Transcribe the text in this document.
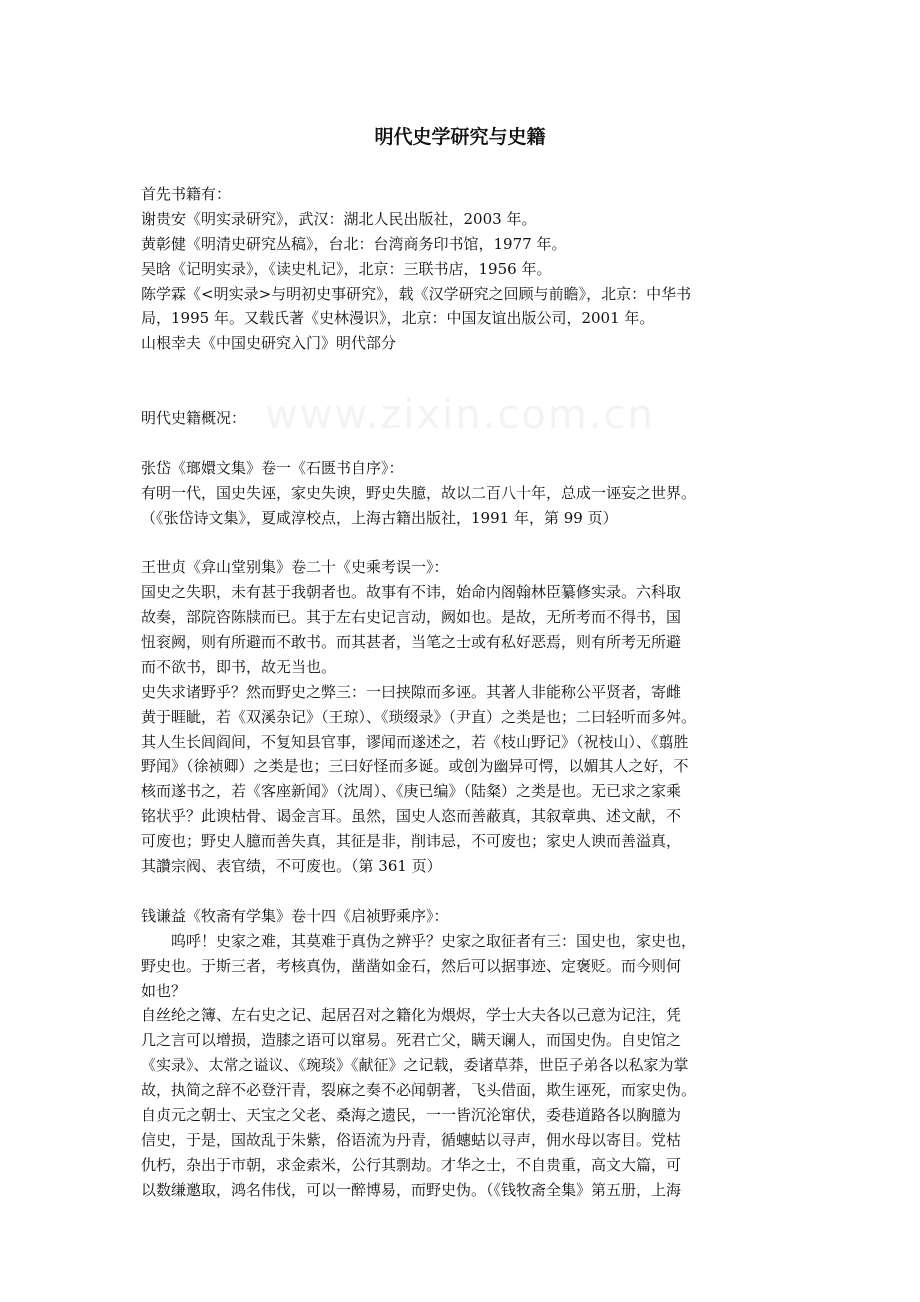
明代史学研究与史籍
首先书籍有：
谢贵安《明实录研究》，武汉：湖北人民出版社，2003 年。
黄彰健《明清史研究丛稿》，台北：台湾商务印书馆，1977 年。
吴晗《记明实录》，《读史札记》，北京：三联书店，1956 年。
陈学霖《<明实录>与明初史事研究》，载《汉学研究之回顾与前瞻》，北京：中华书
局，1995 年。又载氏著《史林漫识》，北京：中国友谊出版公司，2001 年。
山根幸夫《中国史研究入门》明代部分
明代史籍概况：
张岱《瑯嬛文集》卷一《石匮书自序》：
有明一代，国史失诬，家史失谀，野史失臆，故以二百八十年，总成一诬妄之世界。
（《张岱诗文集》，夏咸淳校点，上海古籍出版社，1991 年，第 99 页）
王世贞《弇山堂别集》卷二十《史乘考误一》：
国史之失职，未有甚于我朝者也。故事有不讳，始命内阁翰林臣纂修实录。六科取
故奏，部院咨陈牍而已。其于左右史记言动，阙如也。是故，无所考而不得书，国
忸衮阙，则有所避而不敢书。而其甚者，当笔之士或有私好恶焉，则有所考无所避
而不欲书，即书，故无当也。
史失求诸野乎？然而野史之弊三：一曰挟隙而多诬。其著人非能称公平贤者，寄雌
黄于睚眦，若《双溪杂记》（王琼）、《琐缀录》（尹直）之类是也；二曰轻听而多舛。
其人生长闾阎间，不复知县官事，谬闻而遂述之，若《枝山野记》（祝枝山）、《翦胜
野闻》（徐祯卿）之类是也；三曰好怪而多诞。或创为幽异可愕，以媚其人之好，不
核而遂书之，若《客座新闻》（沈周）、《庚已编》（陆粲）之类是也。无已求之家乘
铭状乎？此谀枯骨、谒金言耳。虽然，国史人恣而善蔽真，其叙章典、述文献，不
可废也；野史人臆而善失真，其征是非，削讳忌，不可废也；家史人谀而善溢真，
其讚宗阀、表官绩，不可废也。（第 361 页）
钱谦益《牧斋有学集》卷十四《启祯野乘序》：
　　呜呼！史家之难，其莫难于真伪之辨乎？史家之取征者有三：国史也，家史也，
野史也。于斯三者，考核真伪，凿凿如金石，然后可以据事迹、定褒贬。而今则何
如也？
自丝纶之簿、左右史之记、起居召对之籍化为煨烬，学士大夫各以己意为记注，凭
几之言可以增损，造膝之语可以窜易。死君亡父，瞒天谰人，而国史伪。自史馆之
《实录》、太常之谥议、《琬琰》《献征》之记载，委诸草莽，世臣子弟各以私家为掌
故，执简之辞不必登汗青，裂麻之奏不必闻朝著，飞头借面，欺生诬死，而家史伪。
自贞元之朝士、天宝之父老、桑海之遗民，一一皆沉沦窜伏，委巷道路各以胸臆为
信史，于是，国故乱于朱紫，俗语流为丹青，循蟪蛄以寻声，佣水母以寄目。党枯
仇朽，杂出于市朝，求金索米，公行其剽劫。才华之士，不自贵重，高文大篇，可
以数缣邀取，鸿名伟伐，可以一醉博易，而野史伪。（《钱牧斋全集》第五册，上海
www.zixin.com.cn
